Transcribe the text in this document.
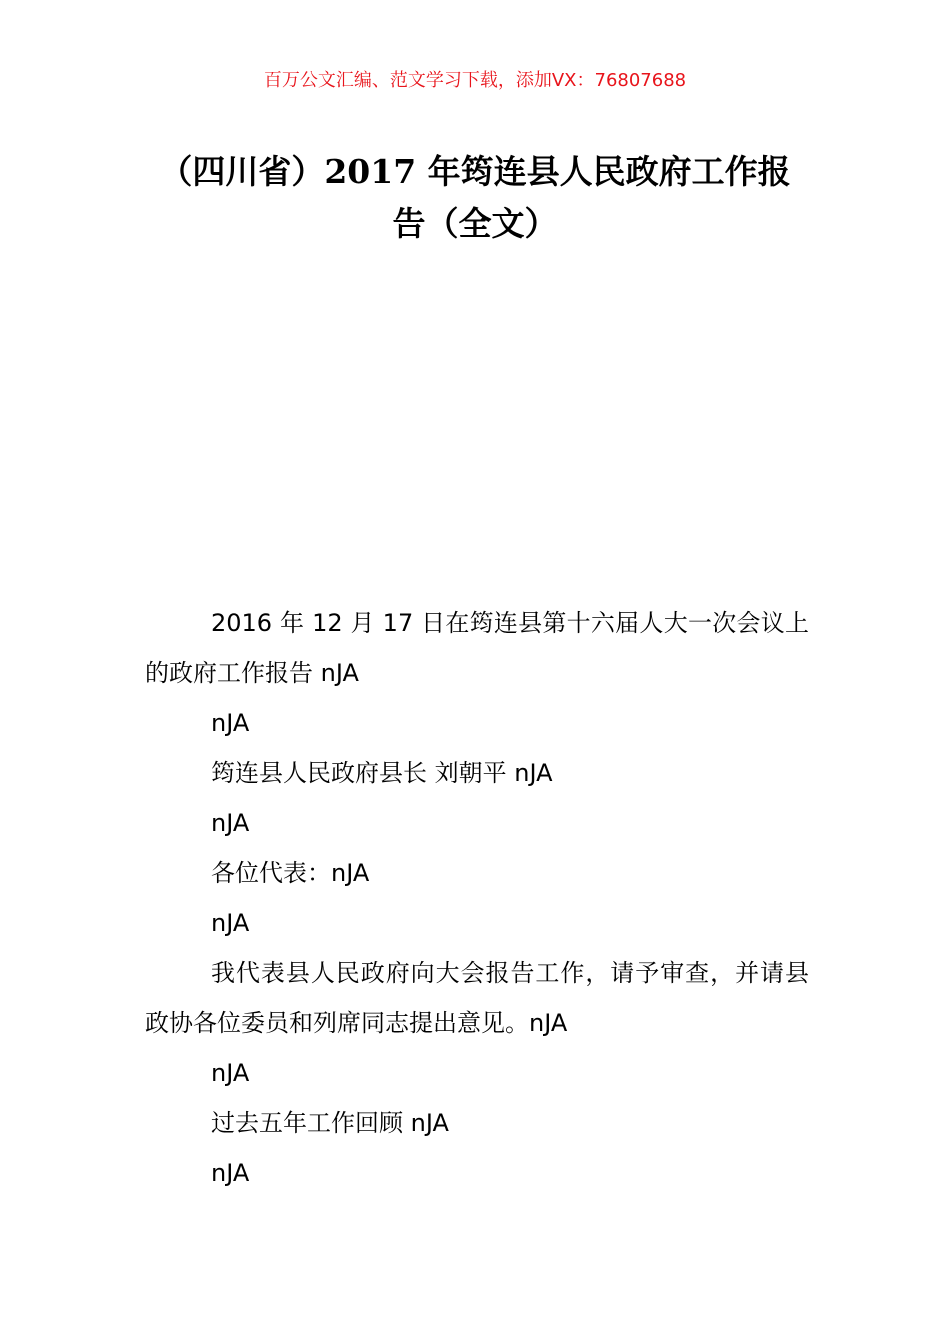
百万公文汇编、范文学习下载，添加VX：76807688
（四川省）2017 年筠连县人民政府工作报
告（全文）

2016 年 12 月 17 日在筠连县第十六届人大一次会议上的政府工作报告 nJA

nJA

筠连县人民政府县长 刘朝平 nJA

nJA

各位代表：nJA

nJA

我代表县人民政府向大会报告工作，请予审查，并请县政协各位委员和列席同志提出意见。nJA

nJA

过去五年工作回顾 nJA

nJA
